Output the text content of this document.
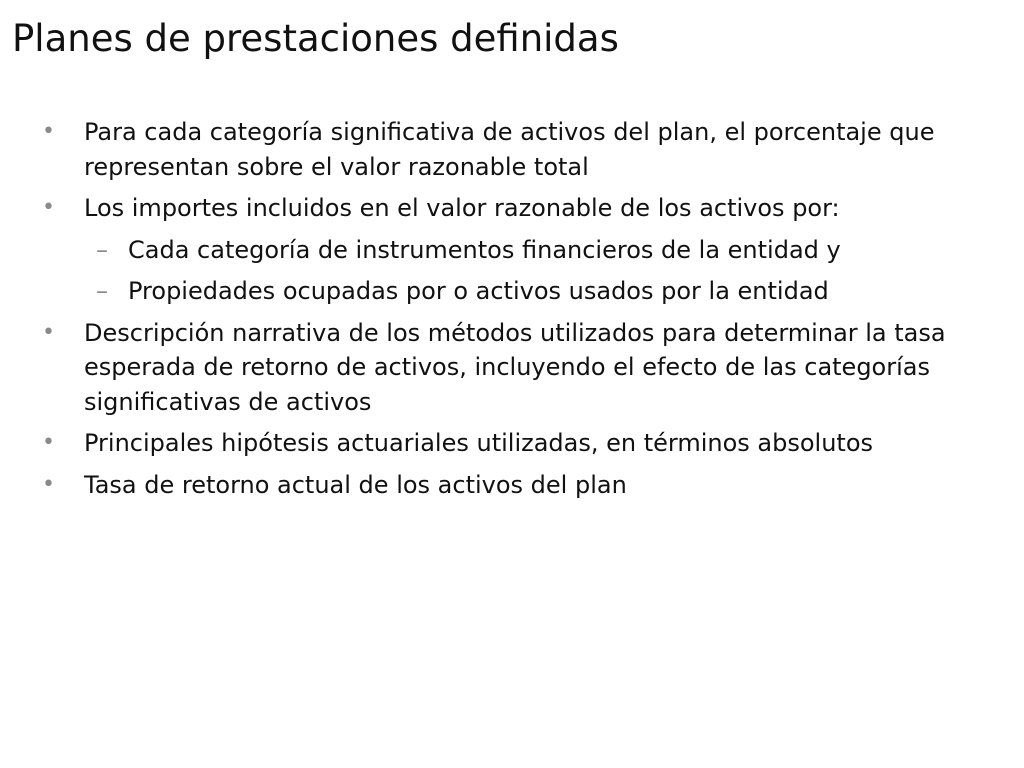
Planes de prestaciones definidas
• Para cada categoría significativa de activos del plan, el porcentaje que representan sobre el valor razonable total
• Los importes incluidos en el valor razonable de los activos por:
– Cada categoría de instrumentos financieros de la entidad y
– Propiedades ocupadas por o activos usados por la entidad
• Descripción narrativa de los métodos utilizados para determinar la tasa esperada de retorno de activos, incluyendo el efecto de las categorías significativas de activos
• Principales hipótesis actuariales utilizadas, en términos absolutos
• Tasa de retorno actual de los activos del plan
